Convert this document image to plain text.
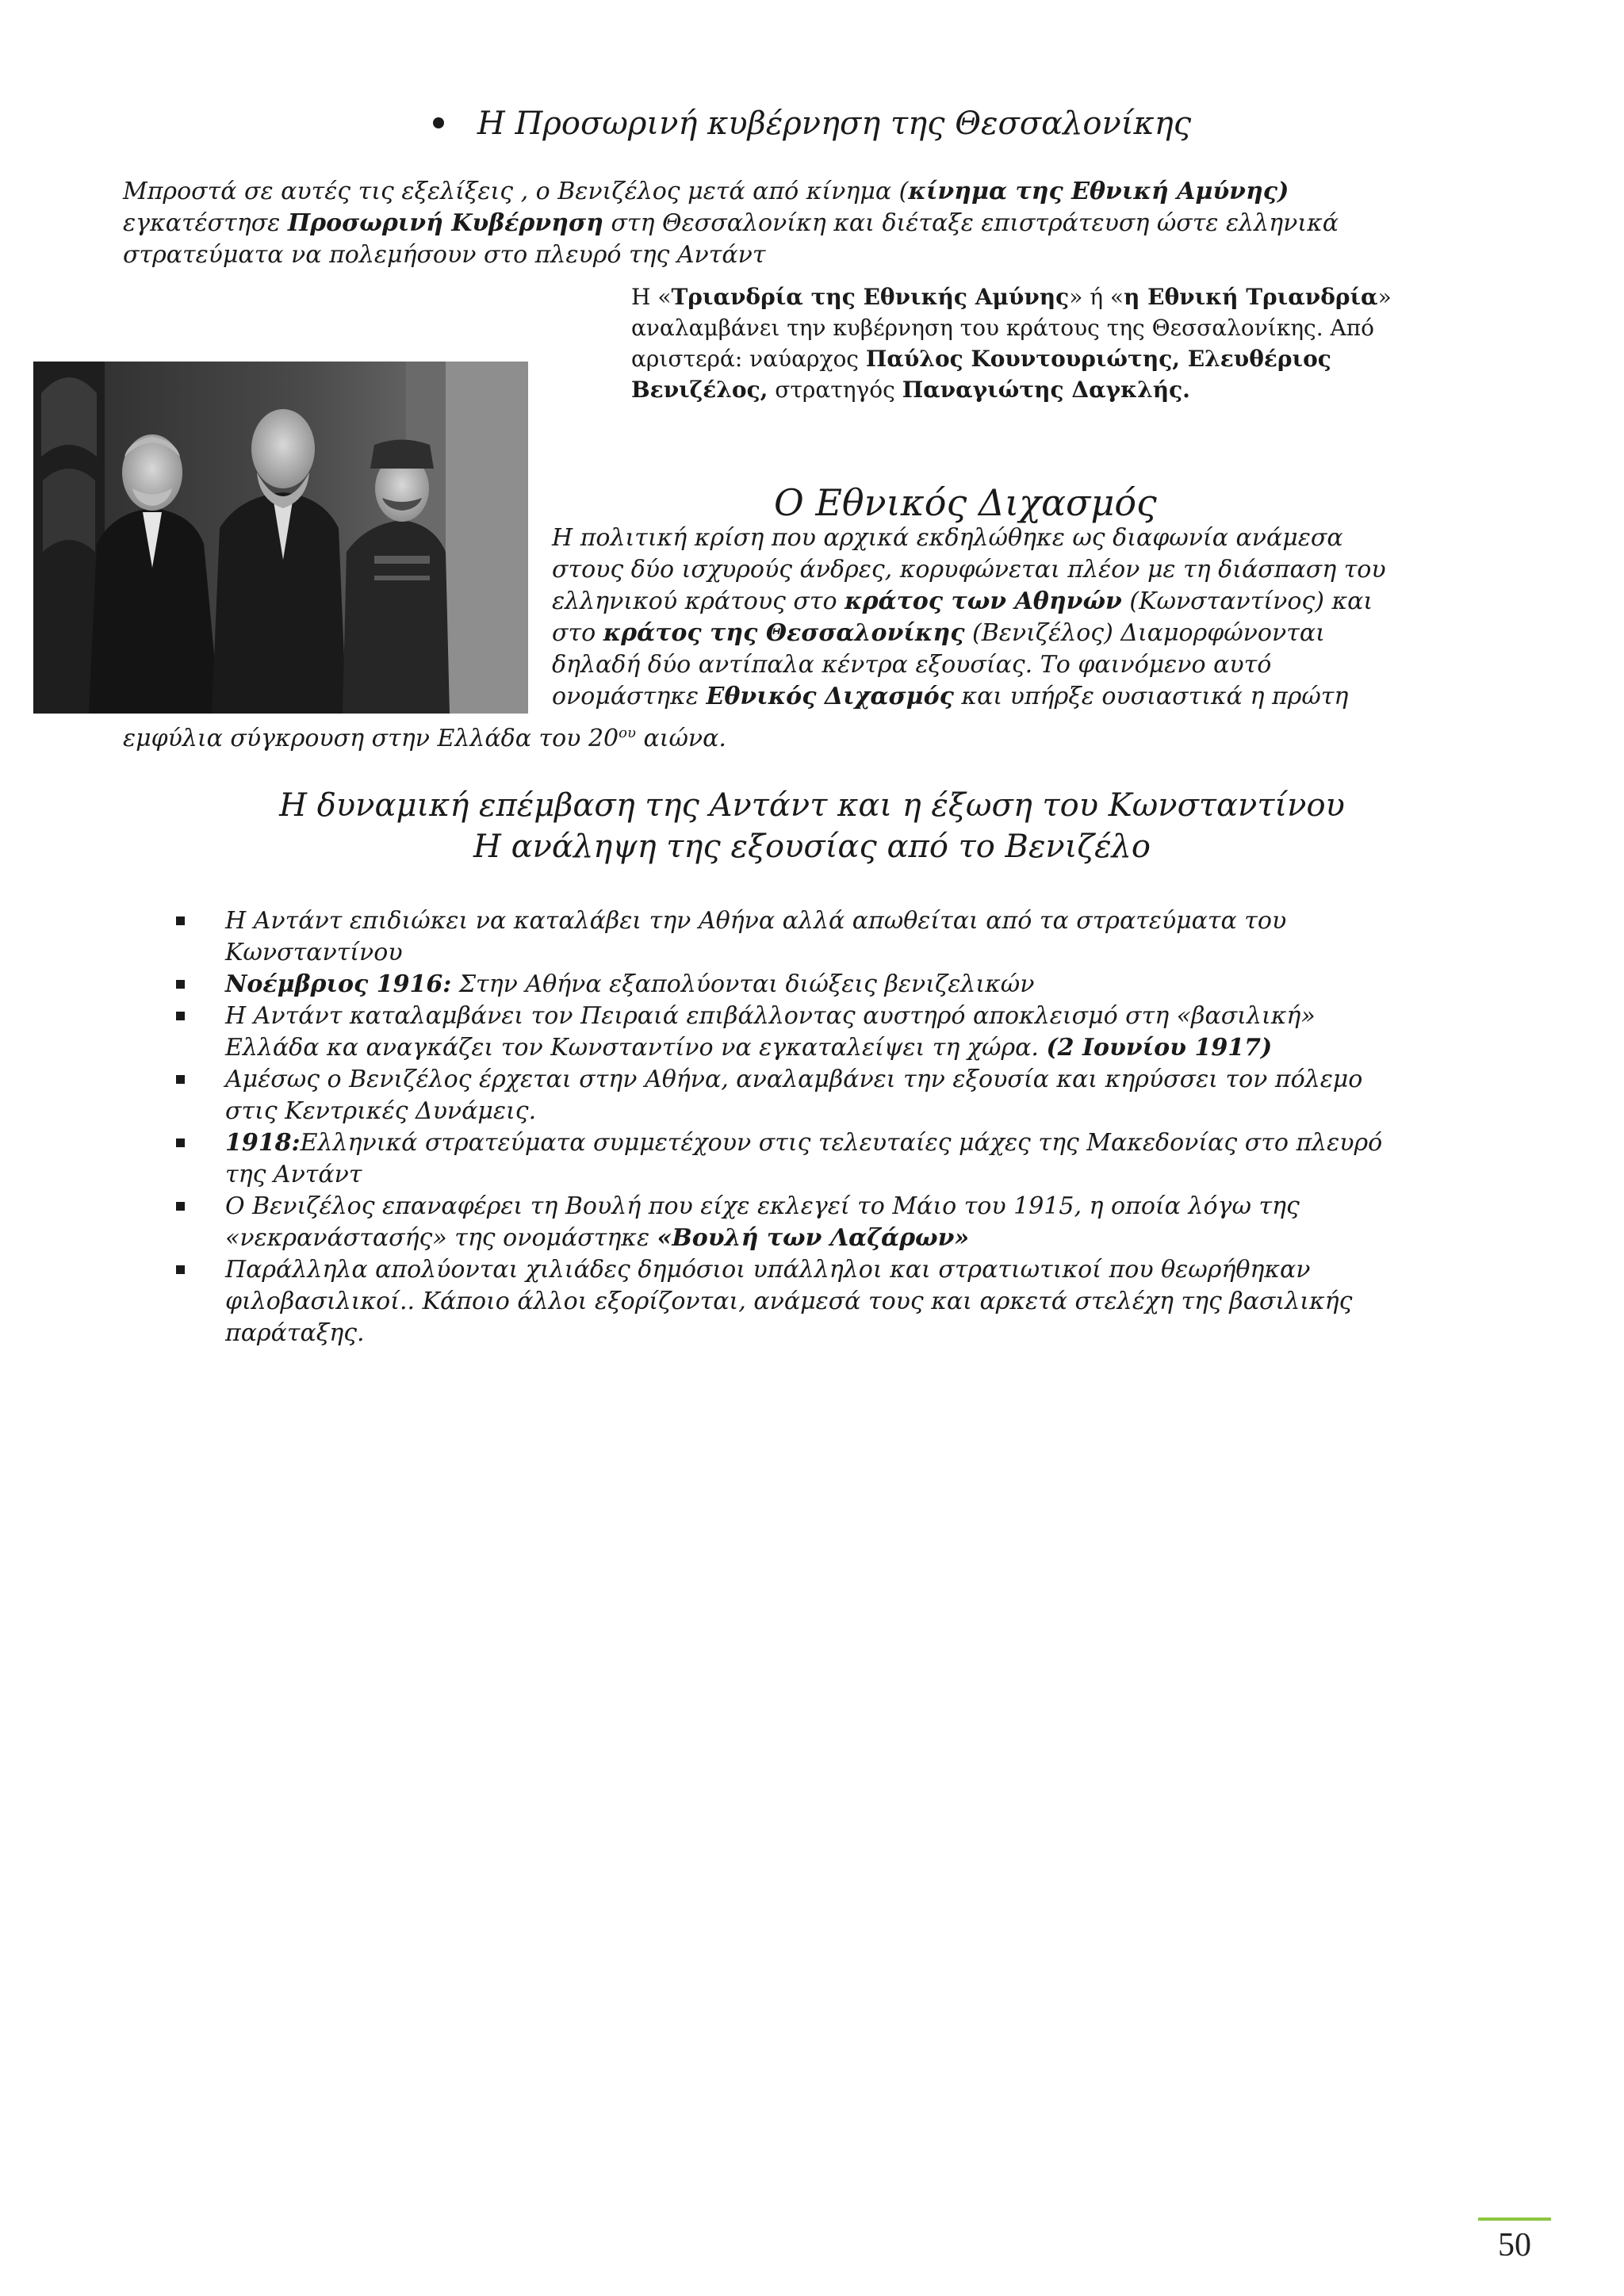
Η Προσωρινή κυβέρνηση της Θεσσαλονίκης
Μπροστά σε αυτές τις εξελίξεις , ο Βενιζέλος μετά από κίνημα (κίνημα της Εθνική Αμύνης) εγκατέστησε Προσωρινή Κυβέρνηση στη Θεσσαλονίκη και διέταξε επιστράτευση ώστε ελληνικά στρατεύματα να πολεμήσουν στο πλευρό της Αντάντ
Η «Τριανδρία της Εθνικής Αμύνης» ή «η Εθνική Τριανδρία» αναλαμβάνει την κυβέρνηση του κράτους της Θεσσαλονίκης. Από αριστερά: ναύαρχος Παύλος Κουντουριώτης, Ελευθέριος Βενιζέλος, στρατηγός Παναγιώτης Δαγκλής.
Ο Εθνικός Διχασμός
Η πολιτική κρίση που αρχικά εκδηλώθηκε ως διαφωνία ανάμεσα στους δύο ισχυρούς άνδρες, κορυφώνεται πλέον με τη διάσπαση του ελληνικού κράτους στο κράτος των Αθηνών (Κωνσταντίνος) και στο κράτος της Θεσσαλονίκης (Βενιζέλος) Διαμορφώνονται δηλαδή δύο αντίπαλα κέντρα εξουσίας. Το φαινόμενο αυτό ονομάστηκε Εθνικός Διχασμός και υπήρξε ουσιαστικά η πρώτη
εμφύλια σύγκρουση στην Ελλάδα του $20^{o\upsilon}$ αιώνα.
Η δυναμική επέμβαση της Αντάντ και η έξωση του Κωνσταντίνου
Η ανάληψη της εξουσίας από το Βενιζέλο
Η Αντάντ επιδιώκει να καταλάβει την Αθήνα αλλά απωθείται από τα στρατεύματα του Κωνσταντίνου
Νοέμβριος 1916: Στην Αθήνα εξαπολύονται διώξεις βενιζελικών
Η Αντάντ καταλαμβάνει τον Πειραιά επιβάλλοντας αυστηρό αποκλεισμό στη «βασιλική» Ελλάδα κα αναγκάζει τον Κωνσταντίνο να εγκαταλείψει τη χώρα. (2 Ιουνίου 1917)
Αμέσως ο Βενιζέλος έρχεται στην Αθήνα, αναλαμβάνει την εξουσία και κηρύσσει τον πόλεμο στις Κεντρικές Δυνάμεις.
1918:Ελληνικά στρατεύματα συμμετέχουν στις τελευταίες μάχες της Μακεδονίας στο πλευρό της Αντάντ
Ο Βενιζέλος επαναφέρει τη Βουλή που είχε εκλεγεί το Μάιο του 1915, η οποία λόγω της «νεκρανάστασής» της ονομάστηκε «Βουλή των Λαζάρων»
Παράλληλα απολύονται χιλιάδες δημόσιοι υπάλληλοι και στρατιωτικοί που θεωρήθηκαν φιλοβασιλικοί.. Κάποιο άλλοι εξορίζονται, ανάμεσά τους και αρκετά στελέχη της βασιλικής παράταξης.
50
